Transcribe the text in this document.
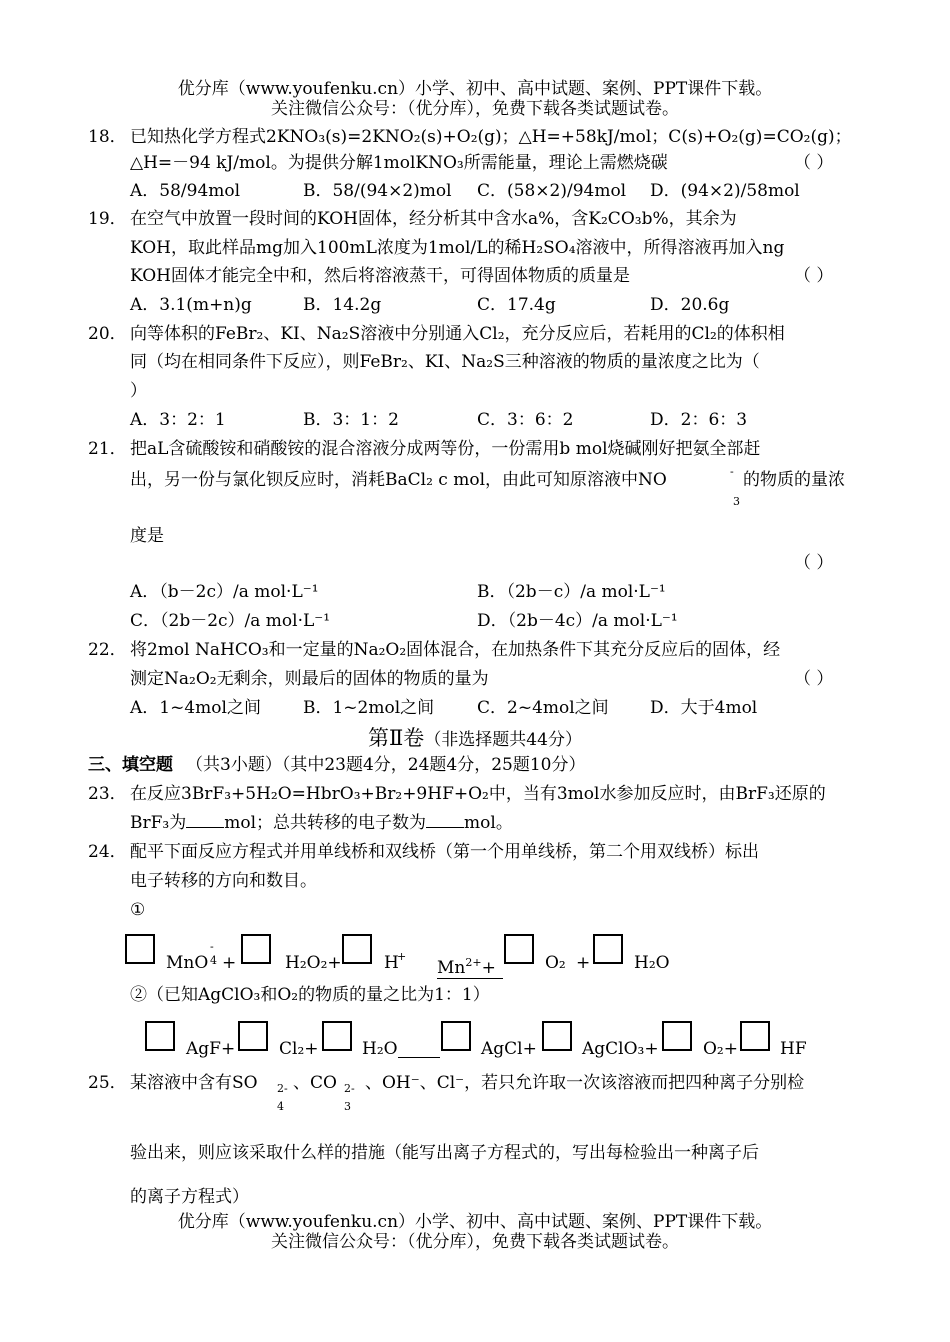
优分库（www.youfenku.cn）小学、初中、高中试题、案例、PPT课件下载。
关注微信公众号：（优分库），免费下载各类试题试卷。
18． 已知热化学方程式2KNO₃(s)=2KNO₂(s)+O₂(g)；△H=+58kJ/mol；C(s)+O₂(g)=CO₂(g)；
△H=－94 kJ/mol。为提供分解1molKNO₃所需能量，理论上需燃烧碳	（ ）
A．58/94mol	B．58/(94×2)mol C．(58×2)/94mol D．(94×2)/58mol
19． 在空气中放置一段时间的KOH固体，经分析其中含水a%，含K₂CO₃b%，其余为
KOH，取此样品mg加入100mL浓度为1mol/L的稀H₂SO₄溶液中，所得溶液再加入ng
KOH固体才能完全中和，然后将溶液蒸干，可得固体物质的质量是	（ ）
A．3.1(m+n)g	B．14.2g	C．17.4g	D．20.6g
20． 向等体积的FeBr₂、KI、Na₂S溶液中分别通入Cl₂，充分反应后，若耗用的Cl₂的体积相
同（均在相同条件下反应），则FeBr₂、KI、Na₂S三种溶液的物质的量浓度之比为（
）
A．3：2：1	B．3：1：2	C．3：6：2	D．2：6：3
21． 把aL含硫酸铵和硝酸铵的混合溶液分成两等份，一份需用b mol烧碱刚好把氨全部赶
出，另一份与氯化钡反应时，消耗BaCl₂ c mol，由此可知原溶液中NO	-
3
的物质的量浓
度是
（ ）
A．（b－2c）/a mol·L⁻¹	B．（2b－c）/a mol·L⁻¹
C．（2b－2c）/a mol·L⁻¹	D．（2b－4c）/a mol·L⁻¹
22． 将2mol NaHCO₃和一定量的Na₂O₂固体混合，在加热条件下其充分反应后的固体，经
测定Na₂O₂无剩余，则最后的固体的物质的量为	（ ）
A．1~4mol之间 B．1~2mol之间	C．2~4mol之间 D．大于4mol
第Ⅱ卷（非选择题共44分）
三、填空题 （共3小题）（其中23题4分，24题4分，25题10分）
23． 在反应3BrF₃+5H₂O=HbrO₃+Br₂+9HF+O₂中，当有3mol水参加反应时，由BrF₃还原的
BrF₃为 mol；总共转移的电子数为 mol。
24． 配平下面反应方程式并用单线桥和双线桥（第一个用单线桥，第二个用双线桥）标出
电子转移的方向和数目。
①
MnO
-
4 +	H₂O₂+ H
+
$Mn^{2+}+$	O₂ +	H₂O
②（已知AgClO₃和O₂的物质的量之比为1：1）
AgF+	Cl₂+	H₂O	AgCl+	AgClO₃+	O₂+ HF
25． 某溶液中含有SO 2-
4
、CO 2-
3
、OH⁻、Cl⁻，若只允许取一次该溶液而把四种离子分别检
验出来，则应该采取什么样的措施（能写出离子方程式的，写出每检验出一种离子后
的离子方程式）
优分库（www.youfenku.cn）小学、初中、高中试题、案例、PPT课件下载。
关注微信公众号：（优分库），免费下载各类试题试卷。
